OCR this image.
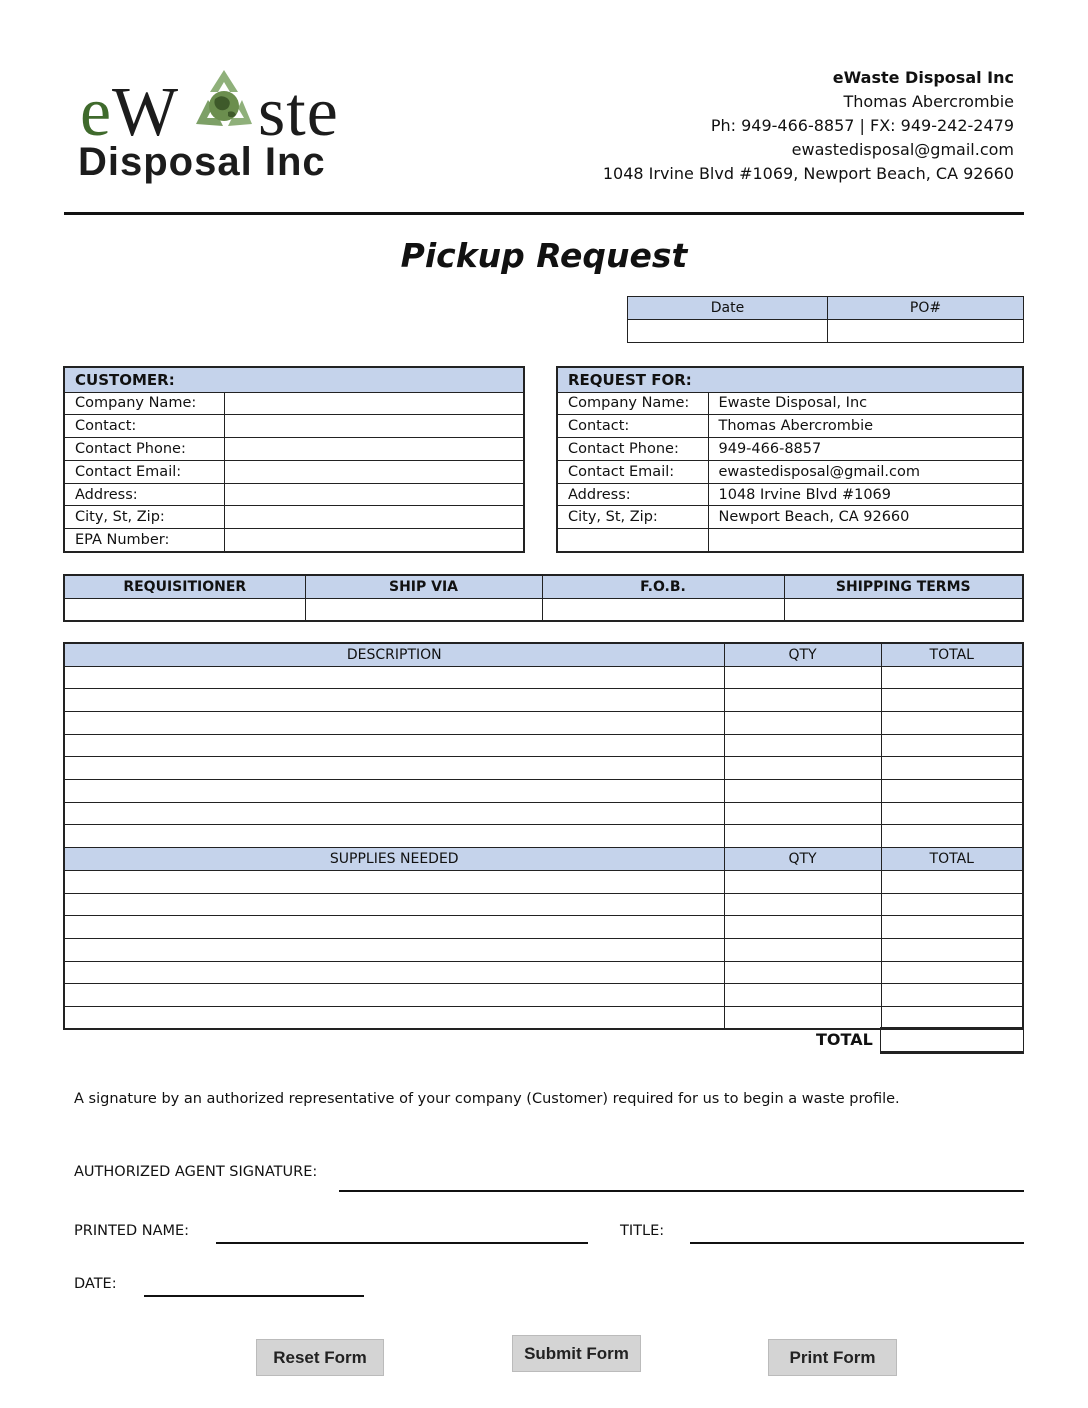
e W ste
Disposal Inc
eWaste Disposal Inc
Thomas Abercrombie
Ph: 949-466-8857 | FX: 949-242-2479
ewastedisposal@gmail.com
1048 Irvine Blvd #1069, Newport Beach, CA 92660
Pickup Request
Date	PO#

CUSTOMER:	
Company Name:	
Contact:	
Contact Phone:	
Contact Email:	
Address:	
City, St, Zip:	
EPA Number:	
REQUEST FOR:	
Company Name:	Ewaste Disposal, Inc
Contact:	Thomas Abercrombie
Contact Phone:	949-466-8857
Contact Email:	ewastedisposal@gmail.com
Address:	1048 Irvine Blvd #1069
City, St, Zip:	Newport Beach, CA 92660

REQUISITIONER	SHIP VIA	F.O.B.	SHIPPING TERMS

DESCRIPTION	QTY	TOTAL

SUPPLIES NEEDED	QTY	TOTAL

TOTAL
A signature by an authorized representative of your company (Customer) required for us to begin a waste profile.
AUTHORIZED AGENT SIGNATURE:
PRINTED NAME:	TITLE:
DATE:
Reset Form	Submit Form	Print Form
